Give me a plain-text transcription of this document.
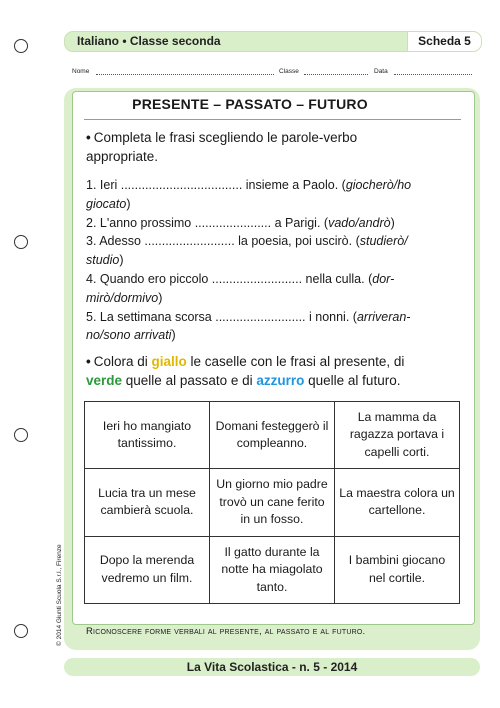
Italiano • Classe seconda	Scheda 5
Nome	Classe	Data
PRESENTE – PASSATO – FUTURO
• Completa le frasi scegliendo le parole-verbo
appropriate.
1. Ieri ................................... insieme a Paolo. (giocherò/ho
giocato)
2. L'anno prossimo ...................... a Parigi. (vado/andrò)
3. Adesso .......................... la poesia, poi uscirò. (studierò/
studio)
4. Quando ero piccolo .......................... nella culla. (dor-
mirò/dormivo)
5. La settimana scorsa .......................... i nonni. (arriveran-
no/sono arrivati)
• Colora di giallo le caselle con le frasi al presente, di
verde quelle al passato e di azzurro quelle al futuro.
Ieri ho mangiato tantissimo.	Domani festeggerò il compleanno.	La mamma da ragazza portava i capelli corti.
Lucia tra un mese cambierà scuola.	Un giorno mio padre trovò un cane ferito in un fosso.	La maestra colora un cartellone.
Dopo la merenda vedremo un film.	Il gatto durante la notte ha miagolato tanto.	I bambini giocano nel cortile.
Riconoscere forme verbali al presente, al passato e al futuro.
La Vita Scolastica - n. 5 - 2014
© 2014 Giunti Scuola S.r.l., Firenze
